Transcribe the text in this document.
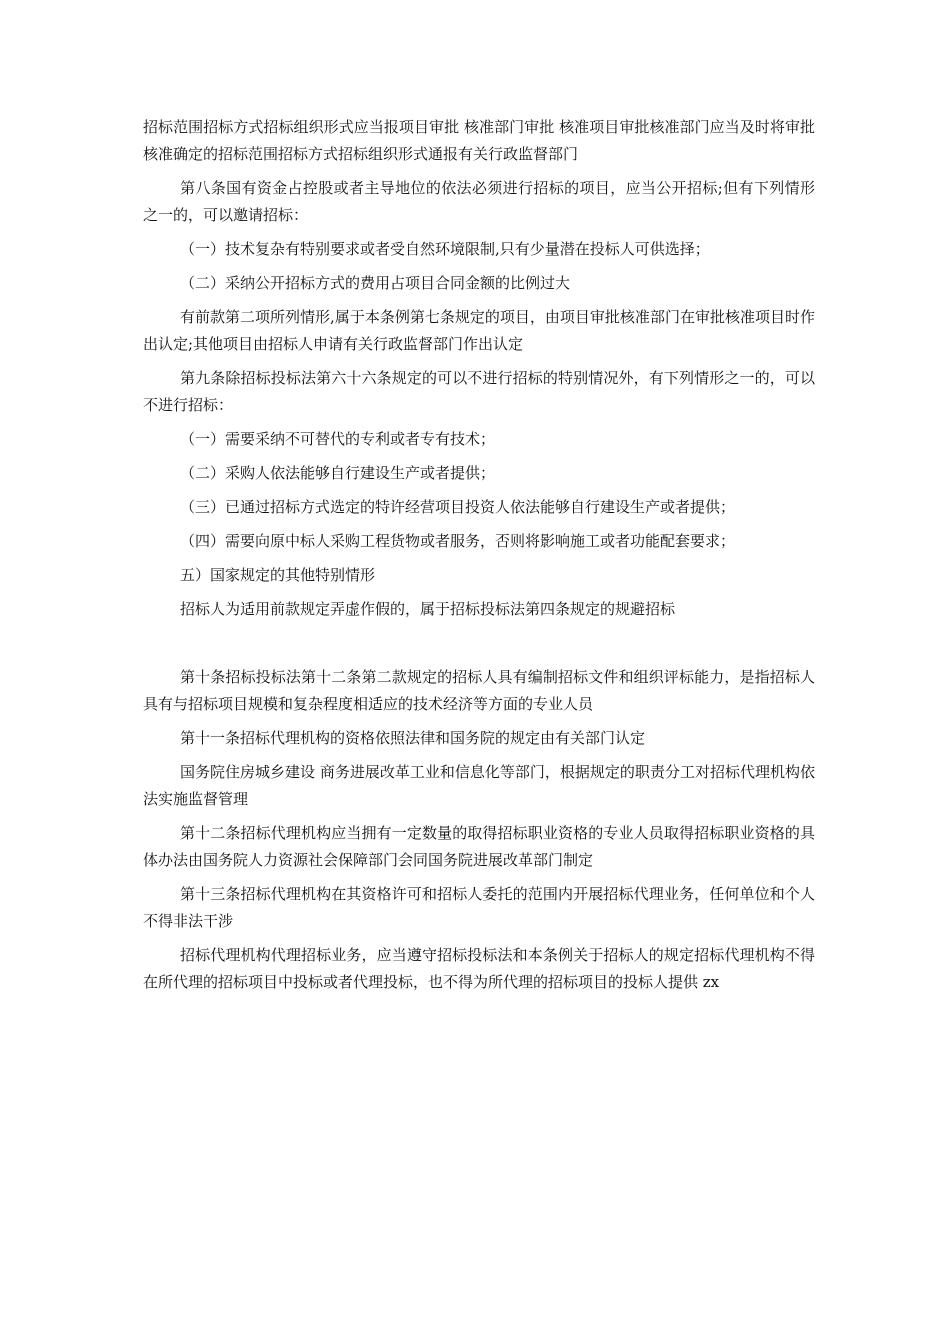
招标范围招标方式招标组织形式应当报项目审批 核准部门审批 核准项目审批核准部门应当及时将审批核准确定的招标范围招标方式招标组织形式通报有关行政监督部门

第八条国有资金占控股或者主导地位的依法必须进行招标的项目，应当公开招标;但有下列情形之一的，可以邀请招标：

（一）技术复杂有特别要求或者受自然环境限制,只有少量潜在投标人可供选择；

（二）采纳公开招标方式的费用占项目合同金额的比例过大

有前款第二项所列情形,属于本条例第七条规定的项目，由项目审批核准部门在审批核准项目时作出认定;其他项目由招标人申请有关行政监督部门作出认定

第九条除招标投标法第六十六条规定的可以不进行招标的特别情况外，有下列情形之一的，可以不进行招标：

（一）需要采纳不可替代的专利或者专有技术；

（二）采购人依法能够自行建设生产或者提供；

（三）已通过招标方式选定的特许经营项目投资人依法能够自行建设生产或者提供；

（四）需要向原中标人采购工程货物或者服务，否则将影响施工或者功能配套要求；

五）国家规定的其他特别情形

招标人为适用前款规定弄虚作假的，属于招标投标法第四条规定的规避招标

第十条招标投标法第十二条第二款规定的招标人具有编制招标文件和组织评标能力，是指招标人具有与招标项目规模和复杂程度相适应的技术经济等方面的专业人员

第十一条招标代理机构的资格依照法律和国务院的规定由有关部门认定

国务院住房城乡建设 商务进展改革工业和信息化等部门，根据规定的职责分工对招标代理机构依法实施监督管理

第十二条招标代理机构应当拥有一定数量的取得招标职业资格的专业人员取得招标职业资格的具体办法由国务院人力资源社会保障部门会同国务院进展改革部门制定

第十三条招标代理机构在其资格许可和招标人委托的范围内开展招标代理业务，任何单位和个人不得非法干涉

招标代理机构代理招标业务，应当遵守招标投标法和本条例关于招标人的规定招标代理机构不得在所代理的招标项目中投标或者代理投标，也不得为所代理的招标项目的投标人提供 zx
